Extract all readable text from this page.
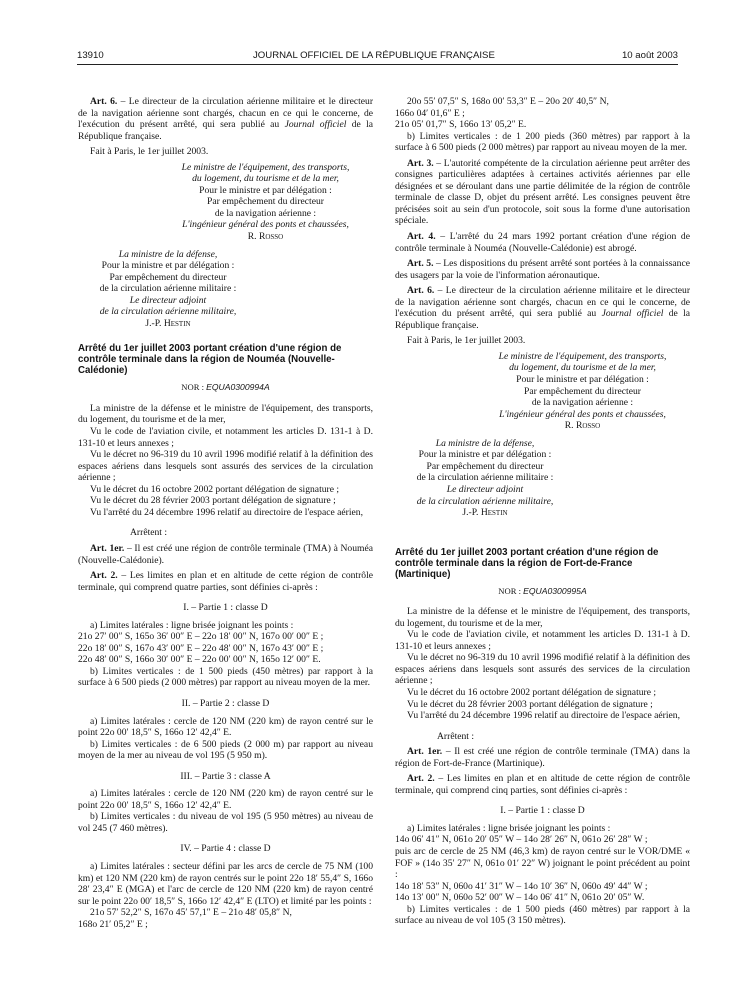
13910	JOURNAL OFFICIEL DE LA RÉPUBLIQUE FRANÇAISE	10 août 2003

Art. 6. – Le directeur de la circulation aérienne militaire et le directeur de la navigation aérienne sont chargés, chacun en ce qui le concerne, de l'exécution du présent arrêté, qui sera publié au Journal officiel de la République française.

Fait à Paris, le 1er juillet 2003.

Le ministre de l'équipement, des transports,

du logement, du tourisme et de la mer,

Pour le ministre et par délégation :

Par empêchement du directeur

de la navigation aérienne :

L'ingénieur général des ponts et chaussées,

R. Rosso

La ministre de la défense,

Pour la ministre et par délégation :

Par empêchement du directeur

de la circulation aérienne militaire :

Le directeur adjoint

de la circulation aérienne militaire,

J.-P. Hestin

Arrêté du 1er juillet 2003 portant création d'une région de contrôle terminale dans la région de Nouméa (Nouvelle-Calédonie)

NOR : EQUA0300994A

La ministre de la défense et le ministre de l'équipement, des transports, du logement, du tourisme et de la mer,

Vu le code de l'aviation civile, et notamment les articles D. 131-1 à D. 131-10 et leurs annexes ;

Vu le décret no 96-319 du 10 avril 1996 modifié relatif à la définition des espaces aériens dans lesquels sont assurés des services de la circulation aérienne ;

Vu le décret du 16 octobre 2002 portant délégation de signature ;

Vu le décret du 28 février 2003 portant délégation de signature ;

Vu l'arrêté du 24 décembre 1996 relatif au directoire de l'espace aérien,

Arrêtent :

Art. 1er. – Il est créé une région de contrôle terminale (TMA) à Nouméa (Nouvelle-Calédonie).

Art. 2. – Les limites en plan et en altitude de cette région de contrôle terminale, qui comprend quatre parties, sont définies ci-après :

I. – Partie 1 : classe D

a) Limites latérales : ligne brisée joignant les points :

21o 27′ 00″ S, 165o 36′ 00″ E – 22o 18′ 00″ N, 167o 00′ 00″ E ;

22o 18′ 00″ S, 167o 43′ 00″ E – 22o 48′ 00″ N, 167o 43′ 00″ E ;

22o 48′ 00″ S, 166o 30′ 00″ E – 22o 00′ 00″ N, 165o 12′ 00″ E.

b) Limites verticales : de 1 500 pieds (450 mètres) par rapport à la surface à 6 500 pieds (2 000 mètres) par rapport au niveau moyen de la mer.

II. – Partie 2 : classe D

a) Limites latérales : cercle de 120 NM (220 km) de rayon centré sur le point 22o 00′ 18,5″ S, 166o 12′ 42,4″ E.

b) Limites verticales : de 6 500 pieds (2 000 m) par rapport au niveau moyen de la mer au niveau de vol 195 (5 950 m).

III. – Partie 3 : classe A

a) Limites latérales : cercle de 120 NM (220 km) de rayon centré sur le point 22o 00′ 18,5″ S, 166o 12′ 42,4″ E.

b) Limites verticales : du niveau de vol 195 (5 950 mètres) au niveau de vol 245 (7 460 mètres).

IV. – Partie 4 : classe D

a) Limites latérales : secteur défini par les arcs de cercle de 75 NM (100 km) et 120 NM (220 km) de rayon centrés sur le point 22o 18′ 55,4″ S, 166o 28′ 23,4″ E (MGA) et l'arc de cercle de 120 NM (220 km) de rayon centré sur le point 22o 00′ 18,5″ S, 166o 12′ 42,4″ E (LTO) et limité par les points :

21o 57′ 52,2″ S, 167o 45′ 57,1″ E – 21o 48′ 05,8″ N,

168o 21′ 05,2″ E ;

20o 55′ 07,5″ S, 168o 00′ 53,3″ E – 20o 20′ 40,5″ N,

166o 04′ 01,6″ E ;

21o 05′ 01,7″ S, 166o 13′ 05,2″ E.

b) Limites verticales : de 1 200 pieds (360 mètres) par rapport à la surface à 6 500 pieds (2 000 mètres) par rapport au niveau moyen de la mer.

Art. 3. – L'autorité compétente de la circulation aérienne peut arrêter des consignes particulières adaptées à certaines activités aériennes par elle désignées et se déroulant dans une partie délimitée de la région de contrôle terminale de classe D, objet du présent arrêté. Les consignes peuvent être précisées soit au sein d'un protocole, soit sous la forme d'une autorisation spéciale.

Art. 4. – L'arrêté du 24 mars 1992 portant création d'une région de contrôle terminale à Nouméa (Nouvelle-Calédonie) est abrogé.

Art. 5. – Les dispositions du présent arrêté sont portées à la connaissance des usagers par la voie de l'information aéronautique.

Art. 6. – Le directeur de la circulation aérienne militaire et le directeur de la navigation aérienne sont chargés, chacun en ce qui le concerne, de l'exécution du présent arrêté, qui sera publié au Journal officiel de la République française.

Fait à Paris, le 1er juillet 2003.

Le ministre de l'équipement, des transports,

du logement, du tourisme et de la mer,

Pour le ministre et par délégation :

Par empêchement du directeur

de la navigation aérienne :

L'ingénieur général des ponts et chaussées,

R. Rosso

La ministre de la défense,

Pour la ministre et par délégation :

Par empêchement du directeur

de la circulation aérienne militaire :

Le directeur adjoint

de la circulation aérienne militaire,

J.-P. Hestin

Arrêté du 1er juillet 2003 portant création d'une région de contrôle terminale dans la région de Fort-de-France (Martinique)

NOR : EQUA0300995A

La ministre de la défense et le ministre de l'équipement, des transports, du logement, du tourisme et de la mer,

Vu le code de l'aviation civile, et notamment les articles D. 131-1 à D. 131-10 et leurs annexes ;

Vu le décret no 96-319 du 10 avril 1996 modifié relatif à la définition des espaces aériens dans lesquels sont assurés des services de la circulation aérienne ;

Vu le décret du 16 octobre 2002 portant délégation de signature ;

Vu le décret du 28 février 2003 portant délégation de signature ;

Vu l'arrêté du 24 décembre 1996 relatif au directoire de l'espace aérien,

Arrêtent :

Art. 1er. – Il est créé une région de contrôle terminale (TMA) dans la région de Fort-de-France (Martinique).

Art. 2. – Les limites en plan et en altitude de cette région de contrôle terminale, qui comprend cinq parties, sont définies ci-après :

I. – Partie 1 : classe D

a) Limites latérales : ligne brisée joignant les points :

14o 06′ 41″ N, 061o 20′ 05″ W – 14o 28′ 26″ N, 061o 26′ 28″ W ;

puis arc de cercle de 25 NM (46,3 km) de rayon centré sur le VOR/DME « FOF » (14o 35′ 27″ N, 061o 01′ 22″ W) joignant le point précédent au point :

14o 18′ 53″ N, 060o 41′ 31″ W – 14o 10′ 36″ N, 060o 49′ 44″ W ;

14o 13′ 00″ N, 060o 52′ 00″ W – 14o 06′ 41″ N, 061o 20′ 05″ W.

b) Limites verticales : de 1 500 pieds (460 mètres) par rapport à la surface au niveau de vol 105 (3 150 mètres).
